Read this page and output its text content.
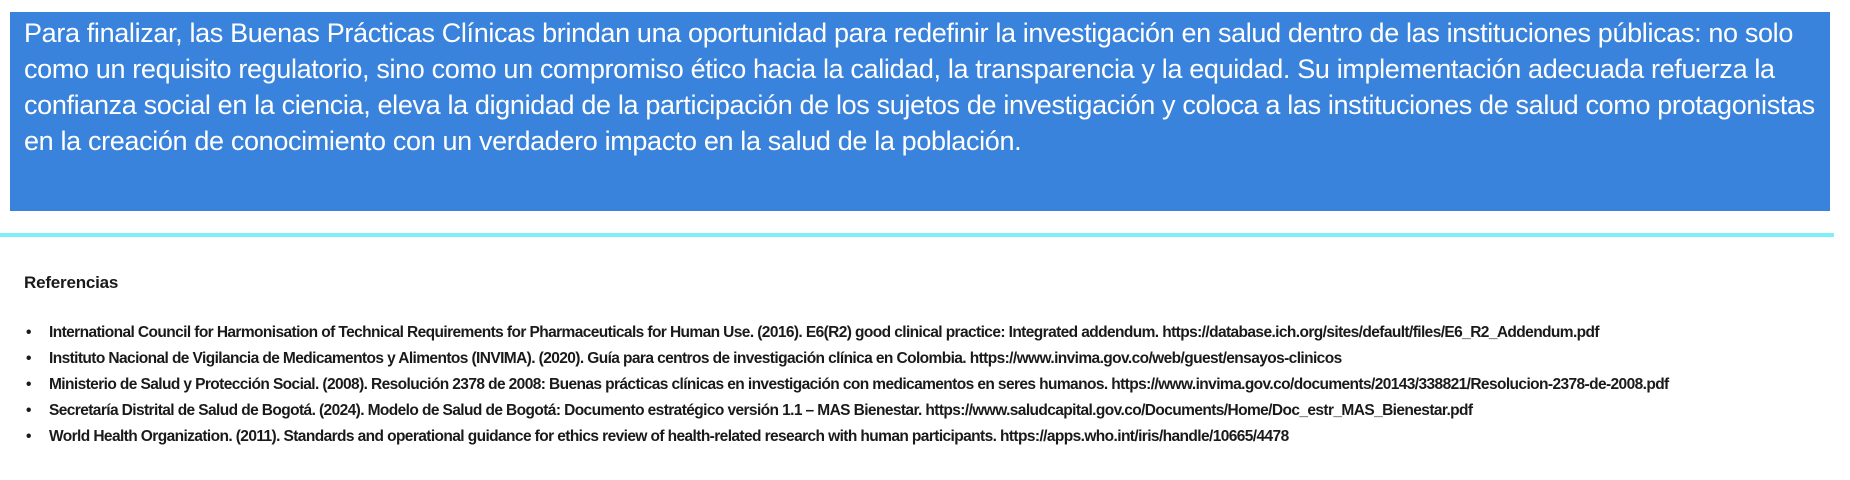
Para finalizar, las Buenas Prácticas Clínicas brindan una oportunidad para redefinir la investigación en salud dentro de las instituciones públicas: no solo como un requisito regulatorio, sino como un compromiso ético hacia la calidad, la transparencia y la equidad. Su implementación adecuada refuerza la confianza social en la ciencia, eleva la dignidad de la participación de los sujetos de investigación y coloca a las instituciones de salud como protagonistas en la creación de conocimiento con un verdadero impacto en la salud de la población.

Referencias
• International Council for Harmonisation of Technical Requirements for Pharmaceuticals for Human Use. (2016). E6(R2) good clinical practice: Integrated addendum. https://database.ich.org/sites/default/files/E6_R2_Addendum.pdf
• Instituto Nacional de Vigilancia de Medicamentos y Alimentos (INVIMA). (2020). Guía para centros de investigación clínica en Colombia. https://www.invima.gov.co/web/guest/ensayos-clinicos
• Ministerio de Salud y Protección Social. (2008). Resolución 2378 de 2008: Buenas prácticas clínicas en investigación con medicamentos en seres humanos. https://www.invima.gov.co/documents/20143/338821/Resolucion-2378-de-2008.pdf
• Secretaría Distrital de Salud de Bogotá. (2024). Modelo de Salud de Bogotá: Documento estratégico versión 1.1 – MAS Bienestar. https://www.saludcapital.gov.co/Documents/Home/Doc_estr_MAS_Bienestar.pdf
• World Health Organization. (2011). Standards and operational guidance for ethics review of health-related research with human participants. https://apps.who.int/iris/handle/10665/4478
